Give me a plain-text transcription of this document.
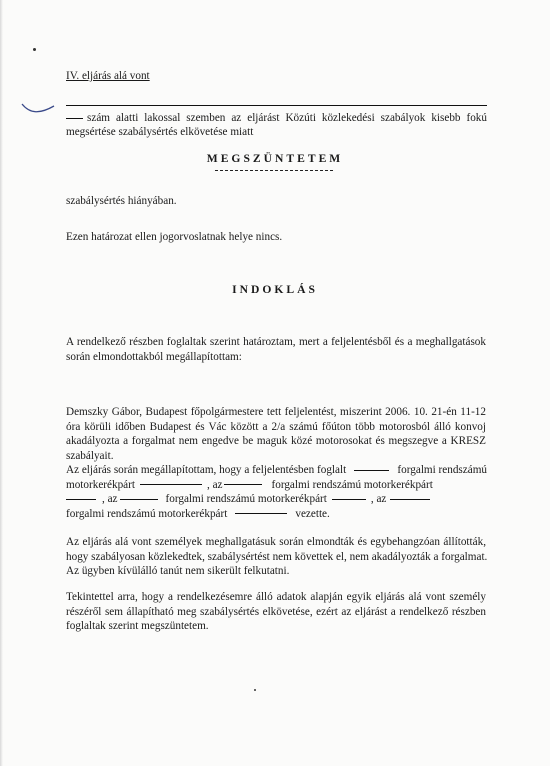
IV. eljárás alá vont
szám alatti lakossal szemben az eljárást Közúti közlekedési szabályok kisebb fokú
megsértése szabálysértés elkövetése miatt
MEGSZÜNTETEM
szabálysértés hiányában.
Ezen határozat ellen jogorvoslatnak helye nincs.
INDOKLÁS
A rendelkező részben foglaltak szerint határoztam, mert a feljelentésből és a meghallgatások
során elmondottakból megállapítottam:
Demszky Gábor, Budapest főpolgármestere tett feljelentést, miszerint 2006. 10. 21-én 11-12
óra körüli időben Budapest és Vác között a 2/a számú főúton több motorosból álló konvoj
akadályozta a forgalmat nem engedve be maguk közé motorosokat és megszegve a KRESZ
szabályait.
Az eljárás során megállapítottam, hogy a feljelentésben foglalt	forgalmi rendszámú
motorkerékpárt	, az	forgalmi rendszámú motorkerékpárt
, az	forgalmi rendszámú motorkerékpárt	, az
forgalmi rendszámú motorkerékpárt	vezette.
Az eljárás alá vont személyek meghallgatásuk során elmondták és egybehangzóan állították,
hogy szabályosan közlekedtek, szabálysértést nem követtek el, nem akadályozták a forgalmat.
Az ügyben kívülálló tanút nem sikerült felkutatni.
Tekintettel arra, hogy a rendelkezésemre álló adatok alapján egyik eljárás alá vont személy
részéről sem állapítható meg szabálysértés elkövetése, ezért az eljárást a rendelkező részben
foglaltak szerint megszüntetem.
